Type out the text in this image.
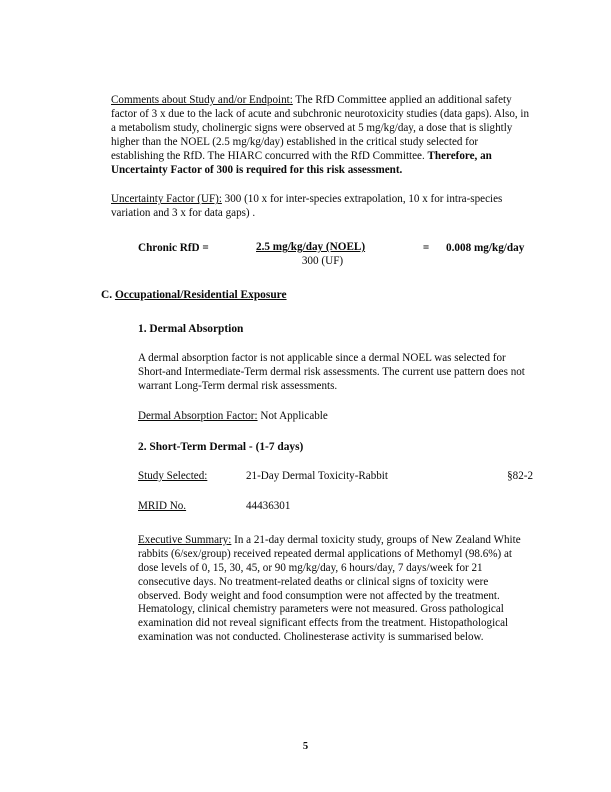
Comments about Study and/or Endpoint: The RfD Committee applied an additional safety factor of 3 x due to the lack of acute and subchronic neurotoxicity studies (data gaps). Also, in a metabolism study, cholinergic signs were observed at 5 mg/kg/day, a dose that is slightly higher than the NOEL (2.5 mg/kg/day) established in the critical study selected for establishing the RfD. The HIARC concurred with the RfD Committee. Therefore, an Uncertainty Factor of 300 is required for this risk assessment.

Uncertainty Factor (UF): 300 (10 x for inter-species extrapolation, 10 x for intra-species variation and 3 x for data gaps) .

Chronic RfD =	$\frac{\text{2.5 mg/kg/day (NOEL)}}{300 (UF)}$	=	0.008 mg/kg/day

C. Occupational/Residential Exposure

1. Dermal Absorption

A dermal absorption factor is not applicable since a dermal NOEL was selected for Short-and Intermediate-Term dermal risk assessments. The current use pattern does not warrant Long-Term dermal risk assessments.

Dermal Absorption Factor: Not Applicable

2. Short-Term Dermal - (1-7 days)

Study Selected:	21-Day Dermal Toxicity-Rabbit	§82-2
MRID No.	44436301

Executive Summary: In a 21-day dermal toxicity study, groups of New Zealand White rabbits (6/sex/group) received repeated dermal applications of Methomyl (98.6%) at dose levels of 0, 15, 30, 45, or 90 mg/kg/day, 6 hours/day, 7 days/week for 21 consecutive days. No treatment-related deaths or clinical signs of toxicity were observed. Body weight and food consumption were not affected by the treatment. Hematology, clinical chemistry parameters were not measured. Gross pathological examination did not reveal significant effects from the treatment. Histopathological examination was not conducted. Cholinesterase activity is summarised below.

5
